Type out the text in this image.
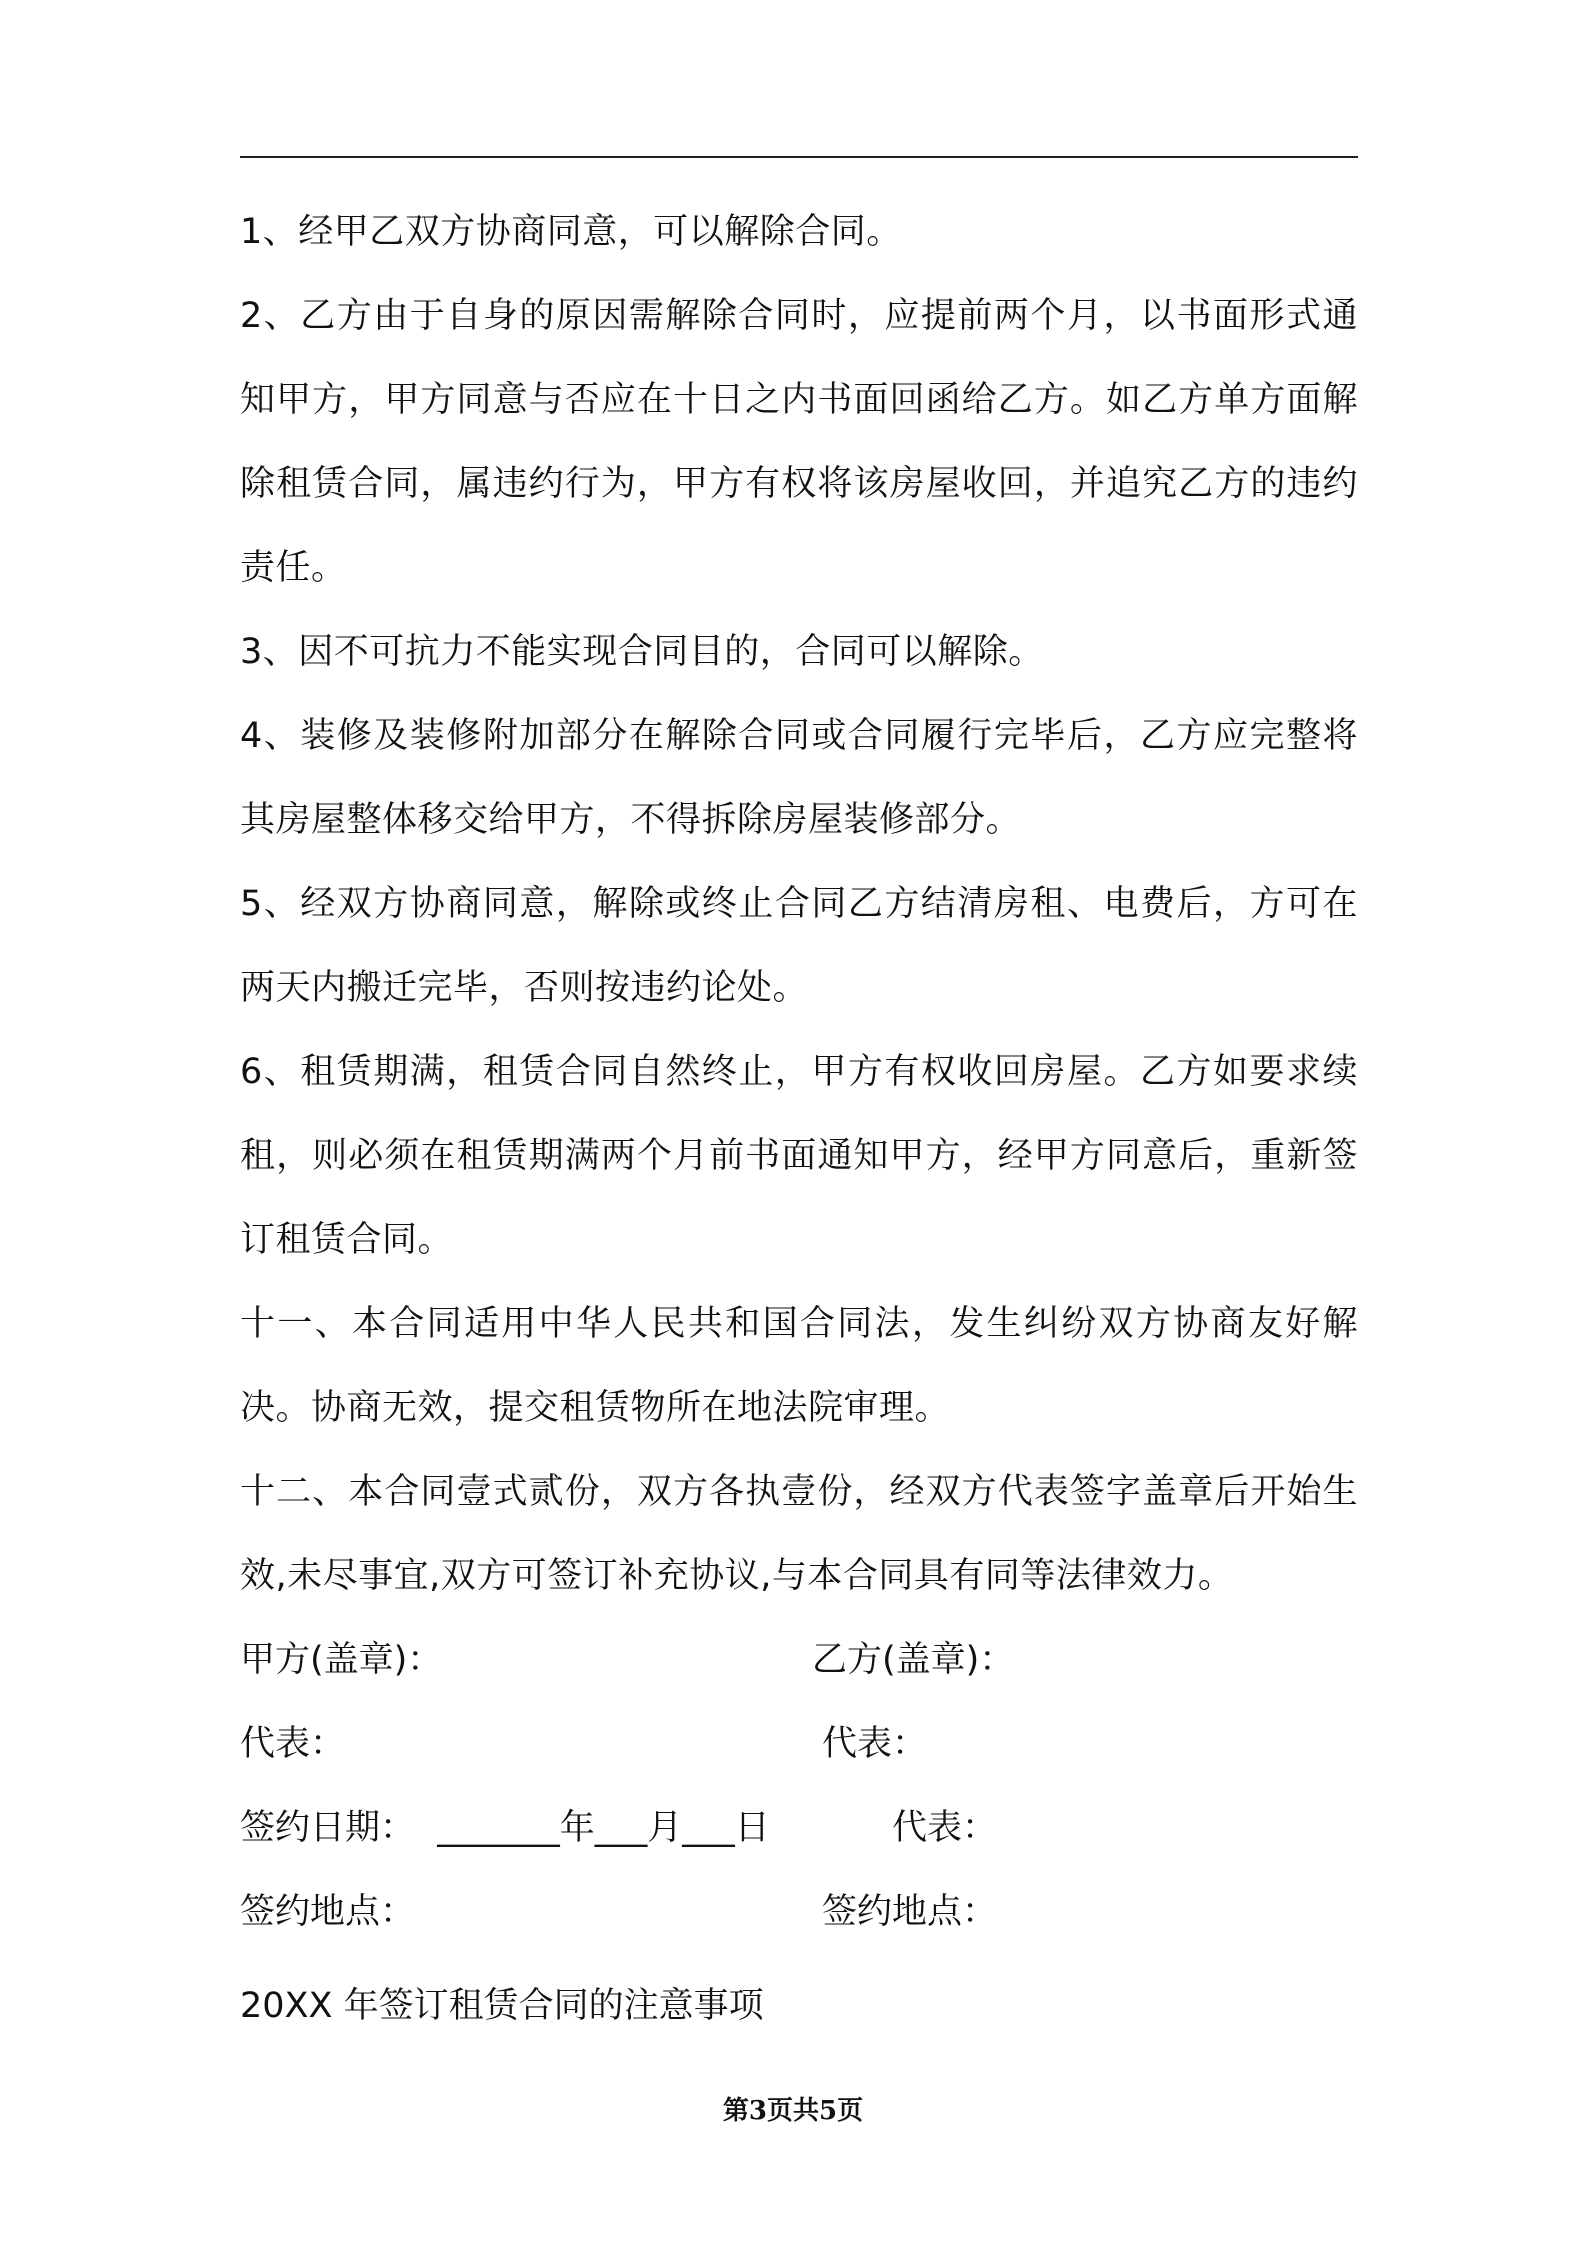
1、经甲乙双方协商同意，可以解除合同。

2、乙方由于自身的原因需解除合同时，应提前两个月，以书面形式通知甲方，甲方同意与否应在十日之内书面回函给乙方。如乙方单方面解除租赁合同，属违约行为，甲方有权将该房屋收回，并追究乙方的违约责任。

3、因不可抗力不能实现合同目的，合同可以解除。

4、装修及装修附加部分在解除合同或合同履行完毕后，乙方应完整将其房屋整体移交给甲方，不得拆除房屋装修部分。

5、经双方协商同意，解除或终止合同乙方结清房租、电费后，方可在两天内搬迁完毕，否则按违约论处。

6、租赁期满，租赁合同自然终止，甲方有权收回房屋。乙方如要求续租，则必须在租赁期满两个月前书面通知甲方，经甲方同意后，重新签订租赁合同。

十一、本合同适用中华人民共和国合同法，发生纠纷双方协商友好解决。协商无效，提交租赁物所在地法院审理。

十二、本合同壹式贰份，双方各执壹份，经双方代表签字盖章后开始生效,未尽事宜,双方可签订补充协议,与本合同具有同等法律效力。

甲方(盖章)：	乙方(盖章)：
代表：	代表：
签约日期：  _______年___月___日	代表：
签约地点：	签约地点：

20XX 年签订租赁合同的注意事项

第3页共5页
